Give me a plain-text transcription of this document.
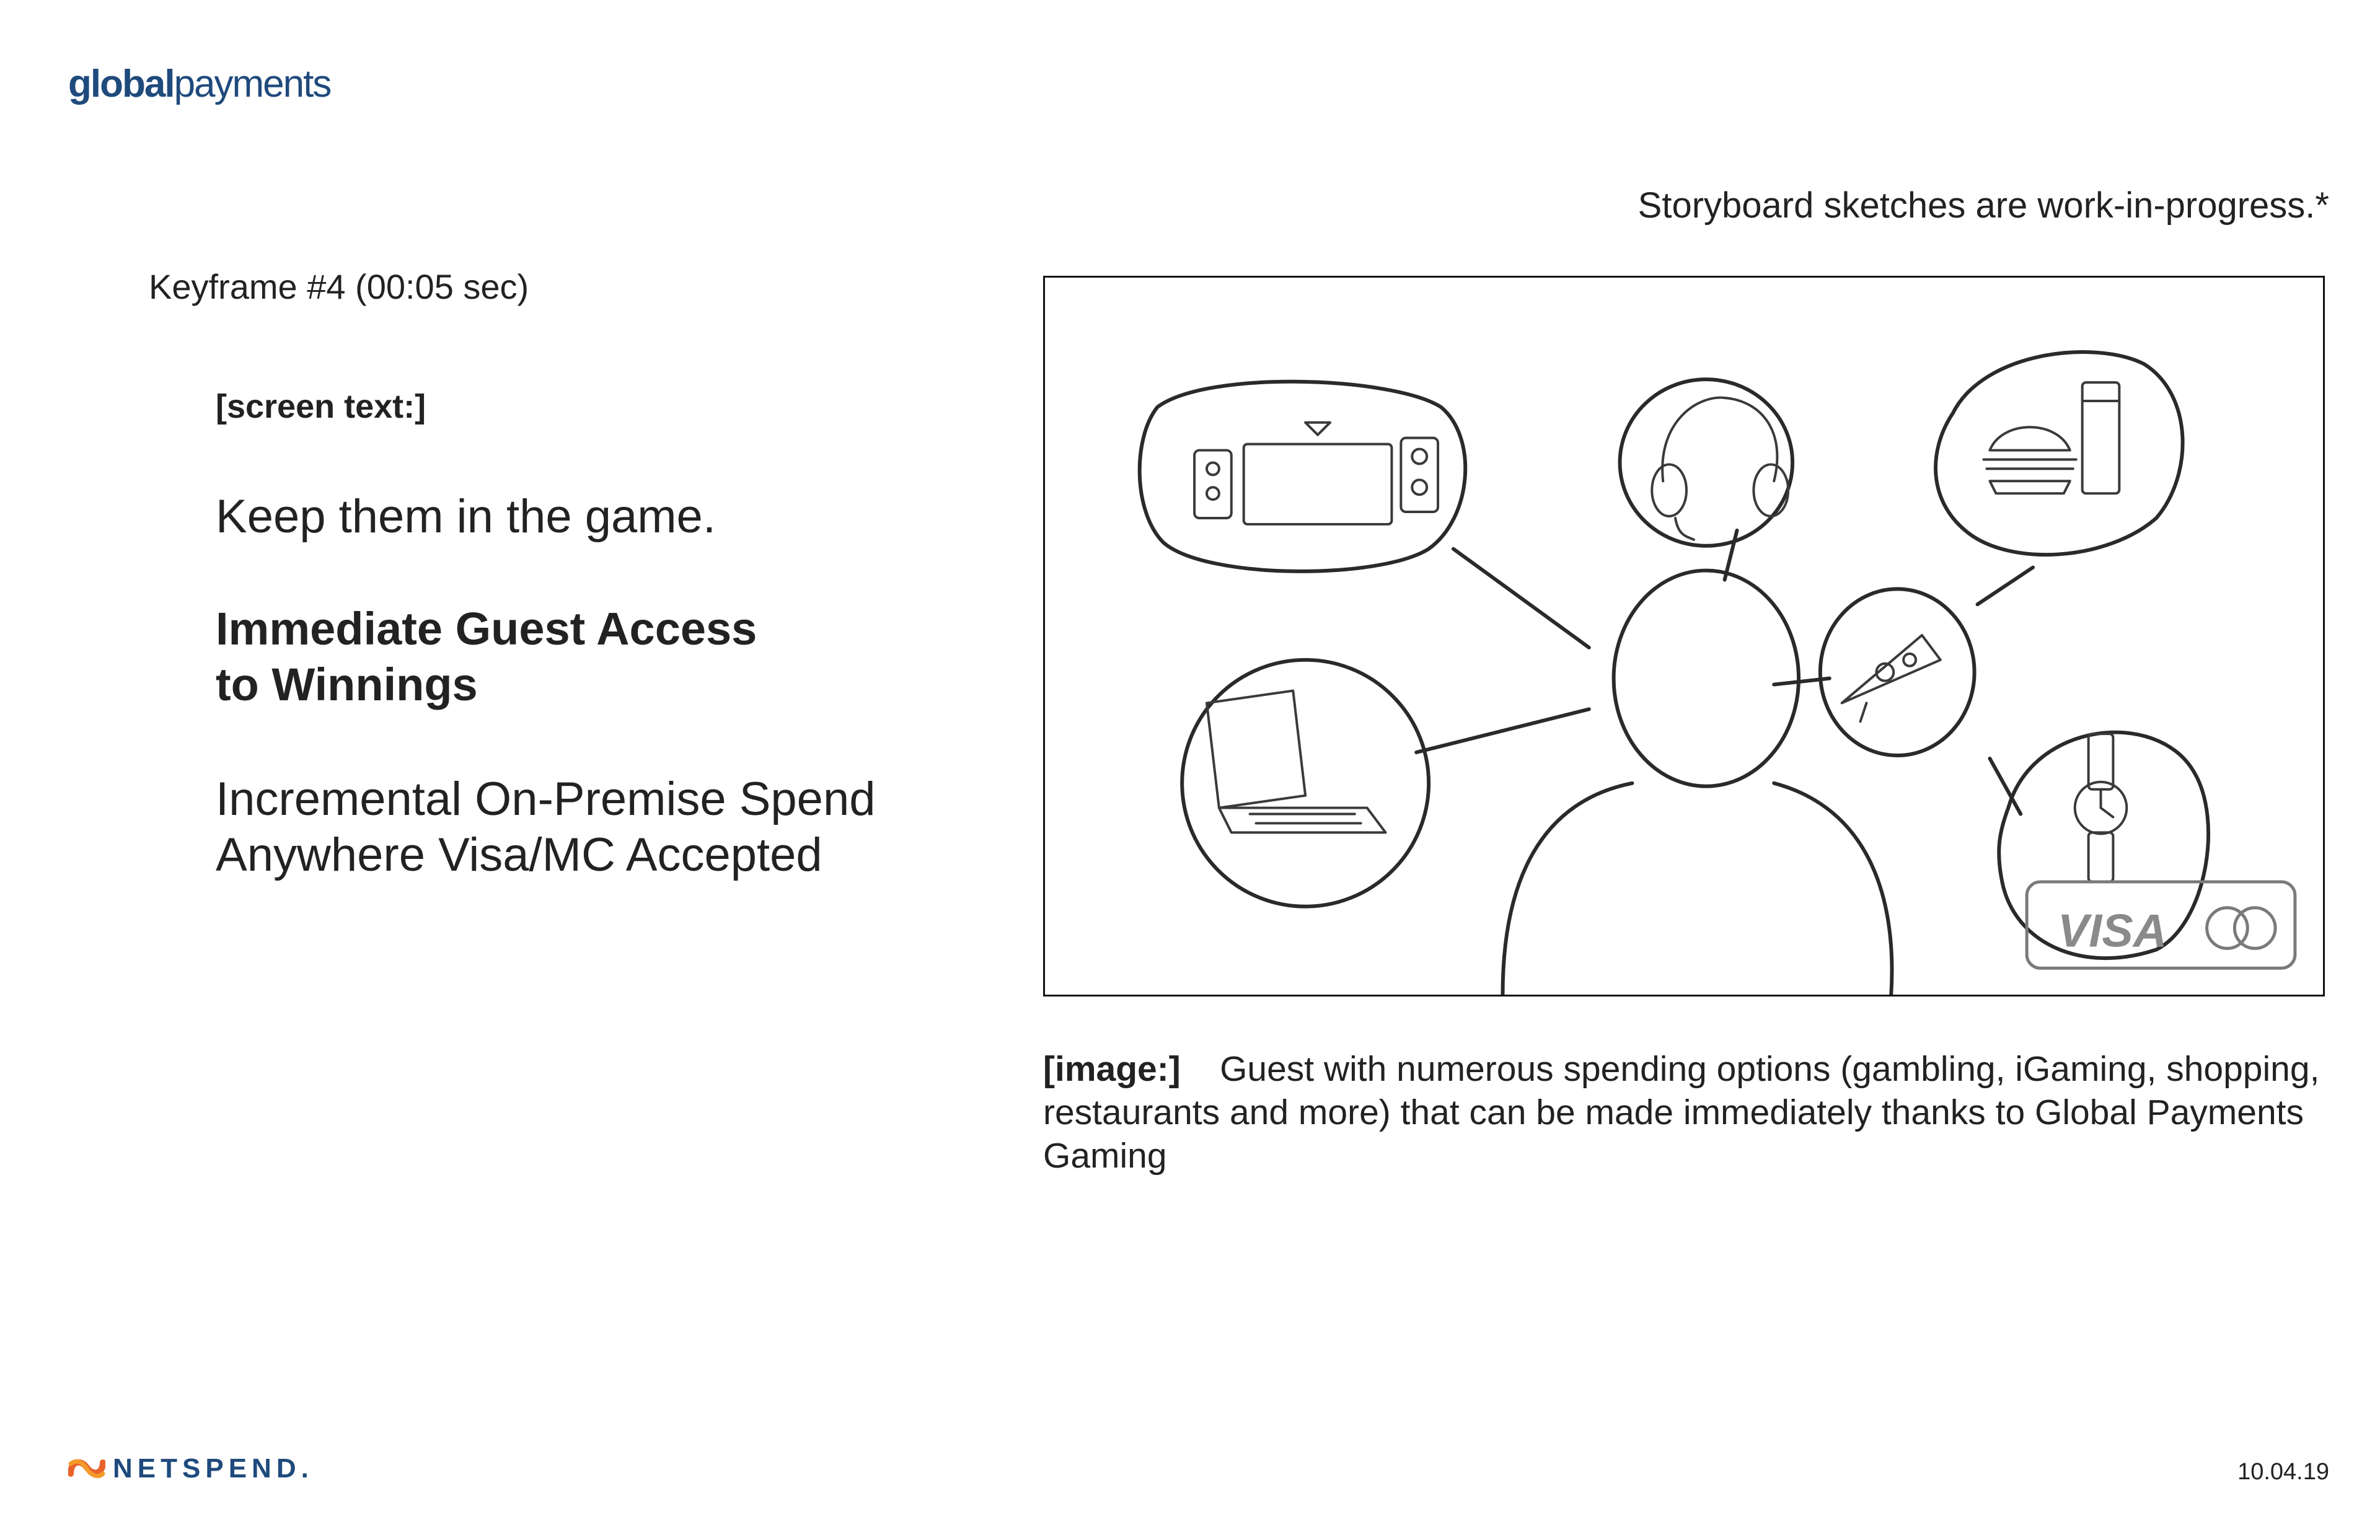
globalpayments
Storyboard sketches are work-in-progress.*
Keyframe #4 (00:05 sec)
[screen text:]
Keep them in the game.
Immediate Guest Access
to Winnings
Incremental On-Premise Spend
Anywhere Visa/MC Accepted
VISA
[image:] Guest with numerous spending options (gambling, iGaming, shopping, restaurants and more) that can be made immediately thanks to Global Payments Gaming
NETSPEND.	10.04.19
